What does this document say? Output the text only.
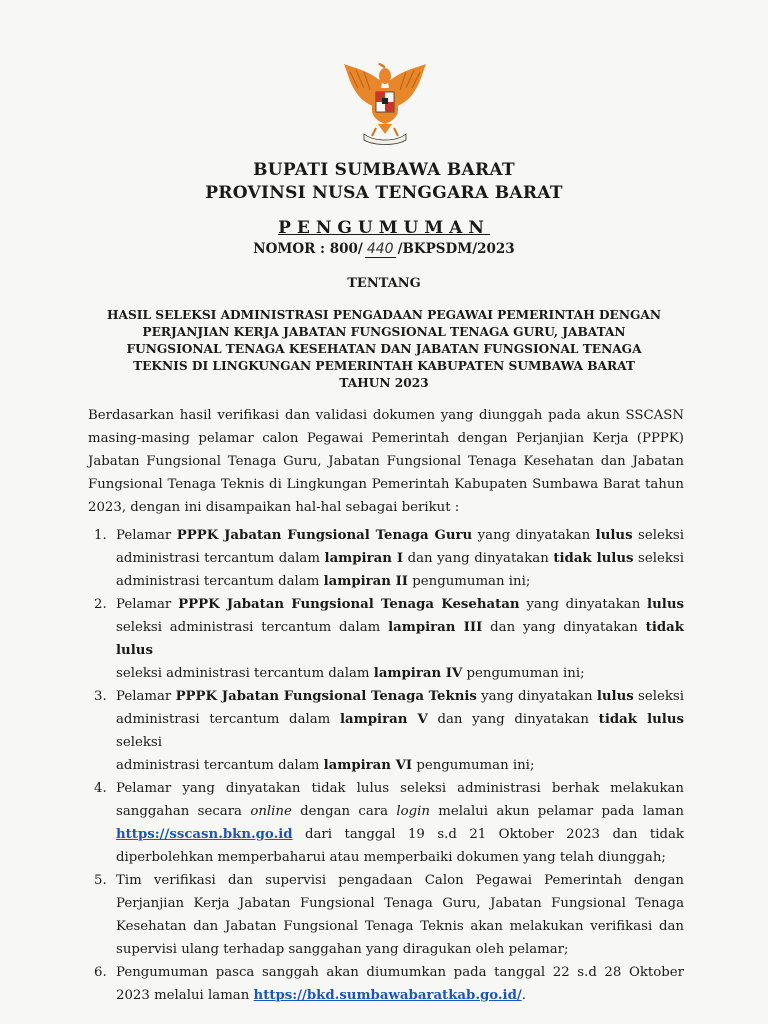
BUPATI SUMBAWA BARAT
PROVINSI NUSA TENGGARA BARAT
PENGUMUMAN
NOMOR : 800/ 440 /BKPSDM/2023
TENTANG
HASIL SELEKSI ADMINISTRASI PENGADAAN PEGAWAI PEMERINTAH DENGAN
PERJANJIAN KERJA JABATAN FUNGSIONAL TENAGA GURU, JABATAN
FUNGSIONAL TENAGA KESEHATAN DAN JABATAN FUNGSIONAL TENAGA
TEKNIS DI LINGKUNGAN PEMERINTAH KABUPATEN SUMBAWA BARAT
TAHUN 2023
Berdasarkan hasil verifikasi dan validasi dokumen yang diunggah pada akun SSCASN
masing-masing pelamar calon Pegawai Pemerintah dengan Perjanjian Kerja (PPPK)
Jabatan Fungsional Tenaga Guru, Jabatan Fungsional Tenaga Kesehatan dan Jabatan
Fungsional Tenaga Teknis di Lingkungan Pemerintah Kabupaten Sumbawa Barat tahun
2023, dengan ini disampaikan hal-hal sebagai berikut :
1. Pelamar PPPK Jabatan Fungsional Tenaga Guru yang dinyatakan lulus seleksi
administrasi tercantum dalam lampiran I dan yang dinyatakan tidak lulus seleksi
administrasi tercantum dalam lampiran II pengumuman ini;
2. Pelamar PPPK Jabatan Fungsional Tenaga Kesehatan yang dinyatakan lulus
seleksi administrasi tercantum dalam lampiran III dan yang dinyatakan tidak lulus
seleksi administrasi tercantum dalam lampiran IV pengumuman ini;
3. Pelamar PPPK Jabatan Fungsional Tenaga Teknis yang dinyatakan lulus seleksi
administrasi tercantum dalam lampiran V dan yang dinyatakan tidak lulus seleksi
administrasi tercantum dalam lampiran VI pengumuman ini;
4. Pelamar yang dinyatakan tidak lulus seleksi administrasi berhak melakukan
sanggahan secara online dengan cara login melalui akun pelamar pada laman
https://sscasn.bkn.go.id dari tanggal 19 s.d 21 Oktober 2023 dan tidak
diperbolehkan memperbaharui atau memperbaiki dokumen yang telah diunggah;
5. Tim verifikasi dan supervisi pengadaan Calon Pegawai Pemerintah dengan
Perjanjian Kerja Jabatan Fungsional Tenaga Guru, Jabatan Fungsional Tenaga
Kesehatan dan Jabatan Fungsional Tenaga Teknis akan melakukan verifikasi dan
supervisi ulang terhadap sanggahan yang diragukan oleh pelamar;
6. Pengumuman pasca sanggah akan diumumkan pada tanggal 22 s.d 28 Oktober
2023 melalui laman https://bkd.sumbawabaratkab.go.id/.
